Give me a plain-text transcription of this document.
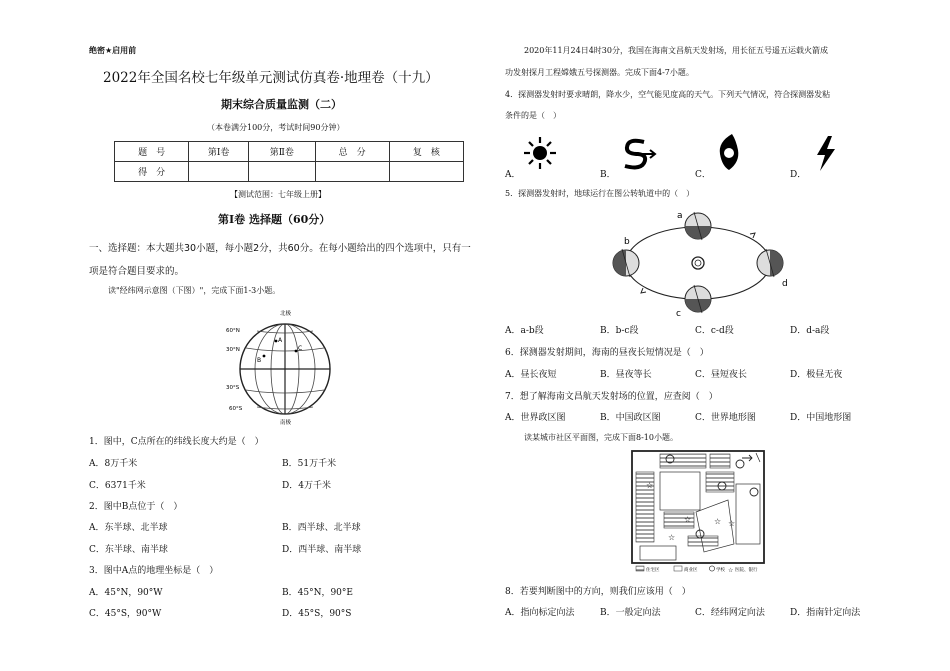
绝密★启用前
2022年全国名校七年级单元测试仿真卷·地理卷（十九）
期末综合质量监测（二）
（本卷满分100分，考试时间90分钟）
题　号	第Ⅰ卷	第Ⅱ卷	总　分	复　核
得　分				
【测试范围：七年级上册】
第Ⅰ卷 选择题（60分）
一、选择题：本大题共30小题，每小题2分，共60分。在每小题给出的四个选项中，只有一
项是符合题目要求的。
读"经纬网示意图（下图）"，完成下面1-3小题。
北极
南极
60°N
30°N
30°S
60°S
A
B
C
1．图中，C点所在的纬线长度大约是（　）
A．8万千米	B．51万千米
C．6371千米	D．4万千米
2．图中B点位于（　）
A．东半球、北半球	B．西半球、北半球
C．东半球、南半球	D．西半球、南半球
3．图中A点的地理坐标是（　）
A．45°N，90°W	B．45°N，90°E
C．45°S，90°W	D．45°S，90°S
2020年11月24日4时30分，我国在海南文昌航天发射场，用长征五号遥五运载火箭成
功发射探月工程嫦娥五号探测器。完成下面4-7小题。
4．探测器发射时要求晴朗，降水少，空气能见度高的天气。下列天气情况，符合探测器发粘
条件的是（　）
A．	B．	C．	D．
5．探测器发射时，地球运行在图公转轨道中的（　）
a
b
c
d
A．a-b段	B．b-c段	C．c-d段	D．d-a段
6．探测器发射期间，海南的昼夜长短情况是（　）
A．昼长夜短	B．昼夜等长	C．昼短夜长	D．极昼无夜
7．想了解海南文昌航天发射场的位置，应查阅（　）
A．世界政区图	B．中国政区图	C．世界地形图	D．中国地形图
读某城市社区平面图，完成下面8-10小题。
☆
☆	☆ ☆
☆
住宅区	商业区	学校 ☆ 医院、银行
8．若要判断图中的方向，则我们应该用（　）
A．指向标定向法	B．一般定向法	C．经纬网定向法	D．指南针定向法
